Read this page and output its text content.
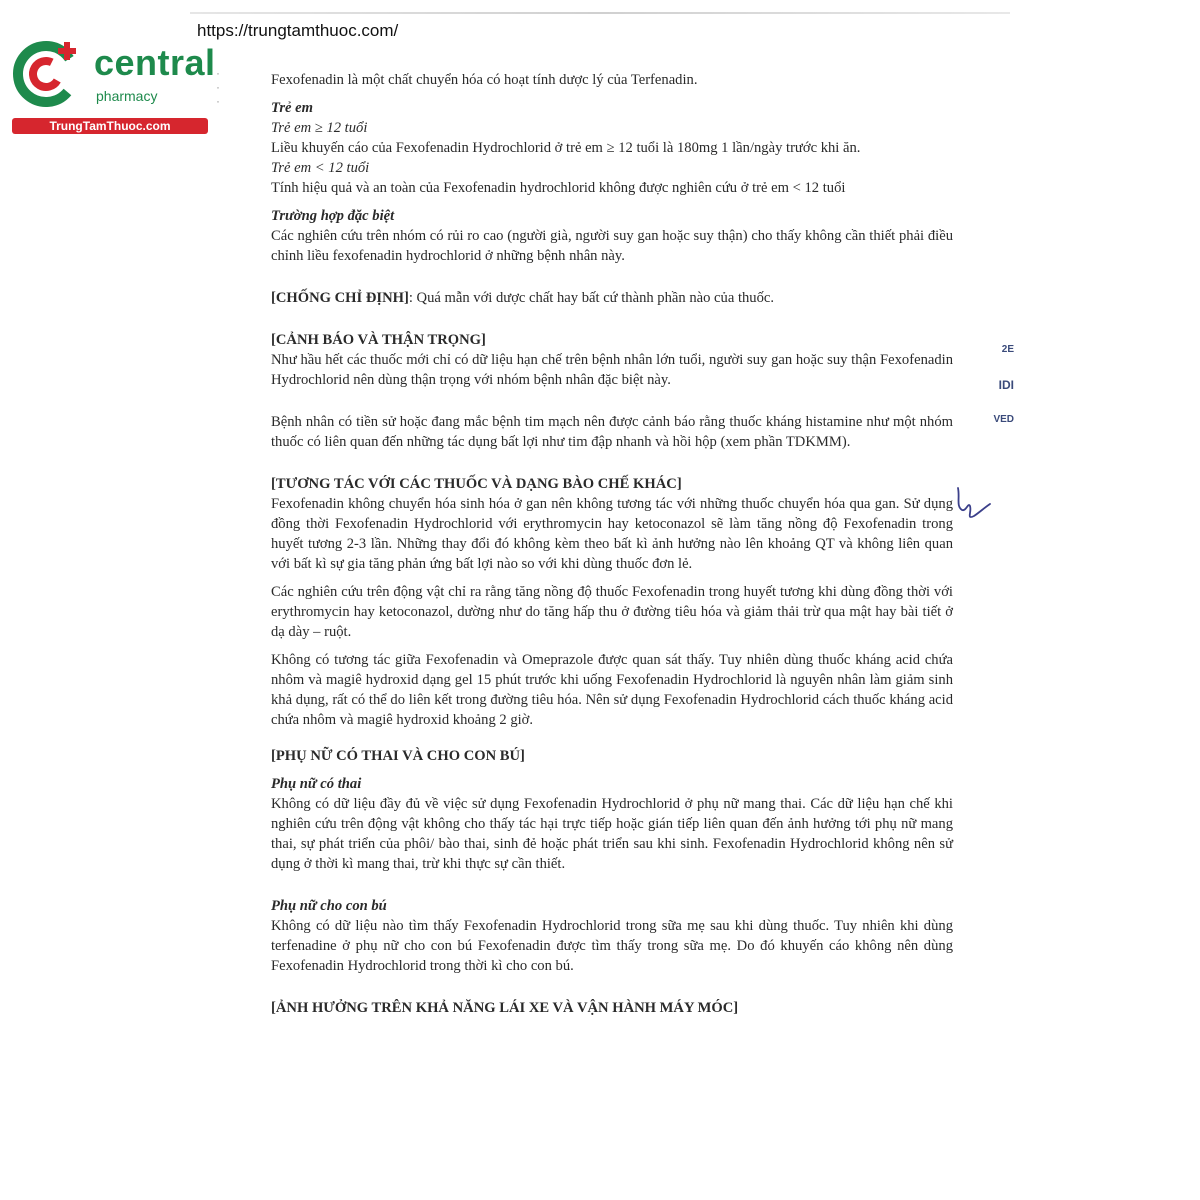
https://trungtamthuoc.com/
central
pharmacy
· · ·
TrungTamThuoc.com

Fexofenadin là một chất chuyển hóa có hoạt tính dược lý của Terfenadin.

Trẻ em

Trẻ em ≥ 12 tuổi

Liều khuyến cáo của Fexofenadin Hydrochlorid ở trẻ em ≥ 12 tuổi là 180mg 1 lần/ngày trước khi ăn.

Trẻ em < 12 tuổi

Tính hiệu quả và an toàn của Fexofenadin hydrochlorid không được nghiên cứu ở trẻ em < 12 tuổi

Trường hợp đặc biệt

Các nghiên cứu trên nhóm có rủi ro cao (người già, người suy gan hoặc suy thận) cho thấy không cần thiết phải điều chỉnh liều fexofenadin hydrochlorid ở những bệnh nhân này.

[CHỐNG CHỈ ĐỊNH]: Quá mẫn với dược chất hay bất cứ thành phần nào của thuốc.

[CẢNH BÁO VÀ THẬN TRỌNG]

Như hầu hết các thuốc mới chỉ có dữ liệu hạn chế trên bệnh nhân lớn tuổi, người suy gan hoặc suy thận Fexofenadin Hydrochlorid nên dùng thận trọng với nhóm bệnh nhân đặc biệt này.

Bệnh nhân có tiền sử hoặc đang mắc bệnh tim mạch nên được cảnh báo rằng thuốc kháng histamine như một nhóm thuốc có liên quan đến những tác dụng bất lợi như tim đập nhanh và hồi hộp (xem phần TDKMM).

[TƯƠNG TÁC VỚI CÁC THUỐC VÀ DẠNG BÀO CHẾ KHÁC]

Fexofenadin không chuyển hóa sinh hóa ở gan nên không tương tác với những thuốc chuyển hóa qua gan. Sử dụng đồng thời Fexofenadin Hydrochlorid với erythromycin hay ketoconazol sẽ làm tăng nồng độ Fexofenadin trong huyết tương 2-3 lần. Những thay đổi đó không kèm theo bất kì ảnh hưởng nào lên khoảng QT và không liên quan với bất kì sự gia tăng phản ứng bất lợi nào so với khi dùng thuốc đơn lẻ.

Các nghiên cứu trên động vật chỉ ra rằng tăng nồng độ thuốc Fexofenadin trong huyết tương khi dùng đồng thời với erythromycin hay ketoconazol, dường như do tăng hấp thu ở đường tiêu hóa và giảm thải trừ qua mật hay bài tiết ở dạ dày – ruột.

Không có tương tác giữa Fexofenadin và Omeprazole được quan sát thấy. Tuy nhiên dùng thuốc kháng acid chứa nhôm và magiê hydroxid dạng gel 15 phút trước khi uống Fexofenadin Hydrochlorid là nguyên nhân làm giảm sinh khả dụng, rất có thể do liên kết trong đường tiêu hóa. Nên sử dụng Fexofenadin Hydrochlorid cách thuốc kháng acid chứa nhôm và magiê hydroxid khoảng 2 giờ.

[PHỤ NỮ CÓ THAI VÀ CHO CON BÚ]

Phụ nữ có thai

Không có dữ liệu đầy đủ về việc sử dụng Fexofenadin Hydrochlorid ở phụ nữ mang thai. Các dữ liệu hạn chế khi nghiên cứu trên động vật không cho thấy tác hại trực tiếp hoặc gián tiếp liên quan đến ảnh hưởng tới phụ nữ mang thai, sự phát triển của phôi/ bào thai, sinh đẻ hoặc phát triển sau khi sinh. Fexofenadin Hydrochlorid không nên sử dụng ở thời kì mang thai, trừ khi thực sự cần thiết.

Phụ nữ cho con bú

Không có dữ liệu nào tìm thấy Fexofenadin Hydrochlorid trong sữa mẹ sau khi dùng thuốc. Tuy nhiên khi dùng terfenadine ở phụ nữ cho con bú Fexofenadin được tìm thấy trong sữa mẹ. Do đó khuyến cáo không nên dùng Fexofenadin Hydrochlorid trong thời kì cho con bú.

[ẢNH HƯỞNG TRÊN KHẢ NĂNG LÁI XE VÀ VẬN HÀNH MÁY MÓC]

2E
IDI
VED
